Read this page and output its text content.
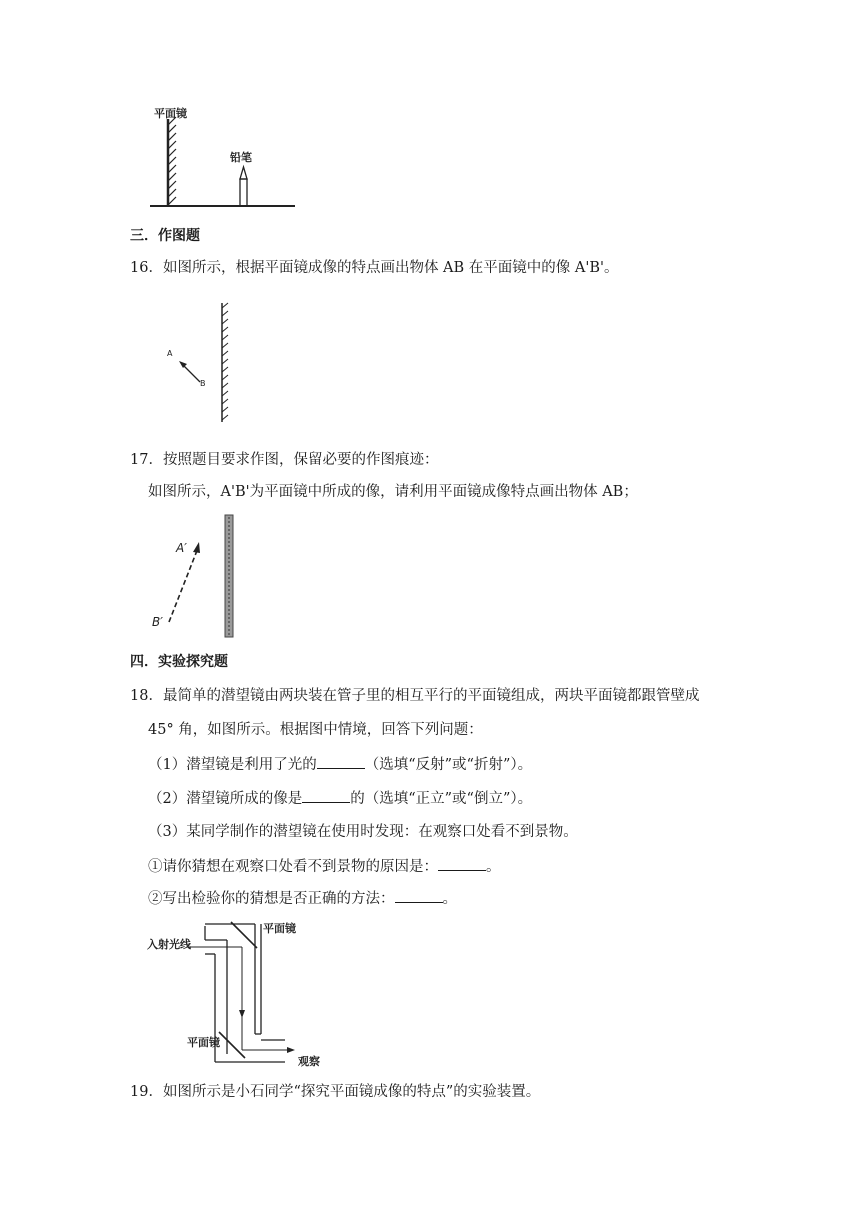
平面镜
铅笔
三．作图题
16．如图所示，根据平面镜成像的特点画出物体 AB 在平面镜中的像 A'B'。
A
B
17．按照题目要求作图，保留必要的作图痕迹：
如图所示，A'B'为平面镜中所成的像，请利用平面镜成像特点画出物体 AB；
A′
B′
四．实验探究题
18．最简单的潜望镜由两块装在管子里的相互平行的平面镜组成，两块平面镜都跟管壁成
45° 角，如图所示。根据图中情境，回答下列问题：
（1）潜望镜是利用了光的	（选填“反射”或“折射”）。
（2）潜望镜所成的像是	的（选填“正立”或“倒立”）。
（3）某同学制作的潜望镜在使用时发现：在观察口处看不到景物。
①请你猜想在观察口处看不到景物的原因是：	。
②写出检验你的猜想是否正确的方法：	。
入射光线
平面镜
平面镜
观察
19．如图所示是小石同学“探究平面镜成像的特点”的实验装置。
